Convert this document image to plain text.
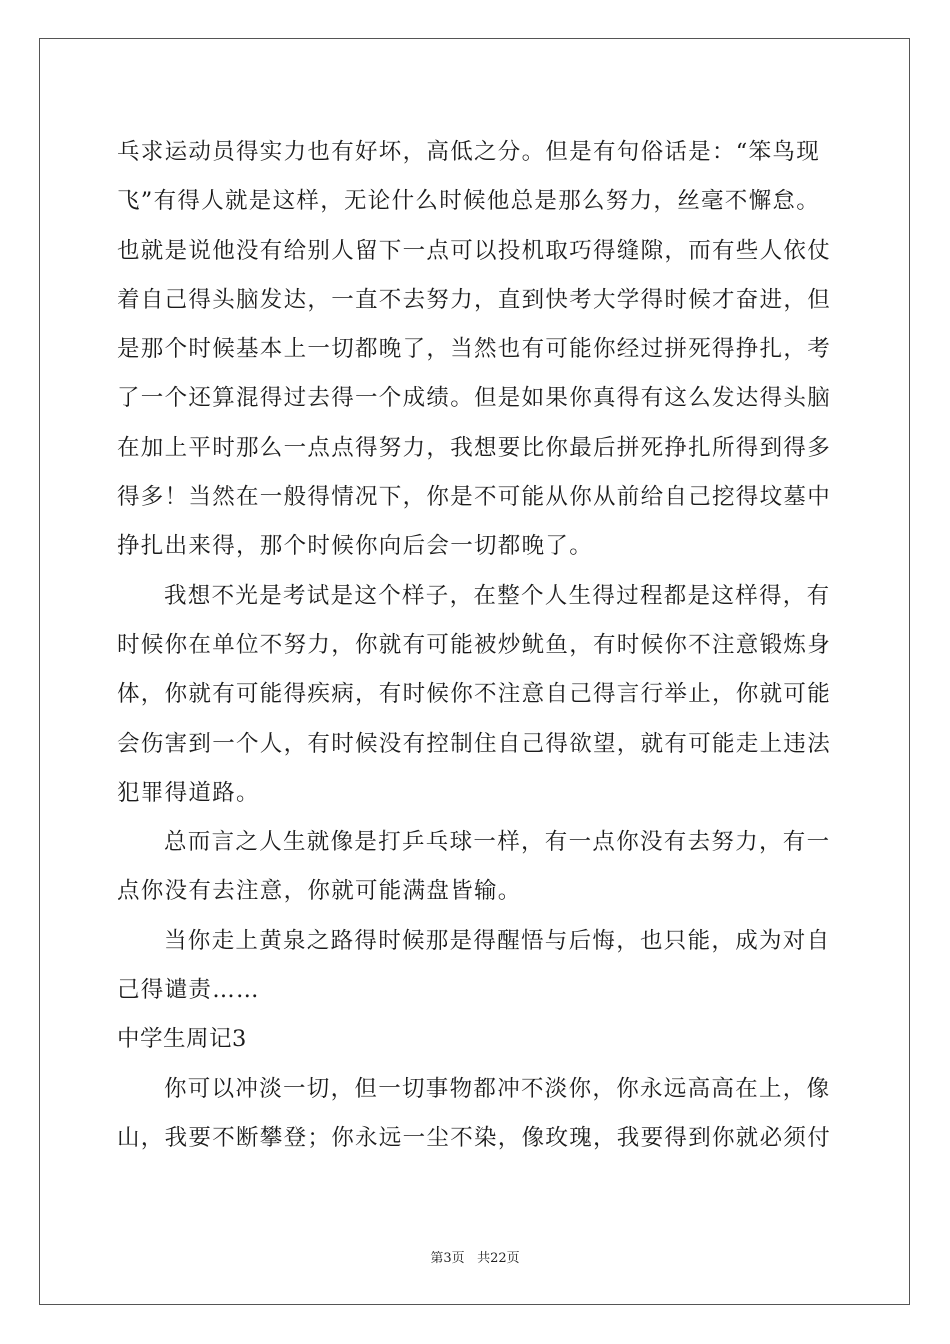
乓求运动员得实力也有好坏，高低之分。但是有句俗话是：“笨鸟现
飞”有得人就是这样，无论什么时候他总是那么努力，丝毫不懈怠。
也就是说他没有给别人留下一点可以投机取巧得缝隙，而有些人依仗
着自己得头脑发达，一直不去努力，直到快考大学得时候才奋进，但
是那个时候基本上一切都晚了，当然也有可能你经过拼死得挣扎，考
了一个还算混得过去得一个成绩。但是如果你真得有这么发达得头脑
在加上平时那么一点点得努力，我想要比你最后拼死挣扎所得到得多
得多！当然在一般得情况下，你是不可能从你从前给自己挖得坟墓中
挣扎出来得，那个时候你向后会一切都晚了。
我想不光是考试是这个样子，在整个人生得过程都是这样得，有
时候你在单位不努力，你就有可能被炒鱿鱼，有时候你不注意锻炼身
体，你就有可能得疾病，有时候你不注意自己得言行举止，你就可能
会伤害到一个人，有时候没有控制住自己得欲望，就有可能走上违法
犯罪得道路。
总而言之人生就像是打乒乓球一样，有一点你没有去努力，有一
点你没有去注意，你就可能满盘皆输。
当你走上黄泉之路得时候那是得醒悟与后悔，也只能，成为对自
己得谴责……
中学生周记3
你可以冲淡一切，但一切事物都冲不淡你，你永远高高在上，像
山，我要不断攀登；你永远一尘不染，像玫瑰，我要得到你就必须付
第3页 共22页
